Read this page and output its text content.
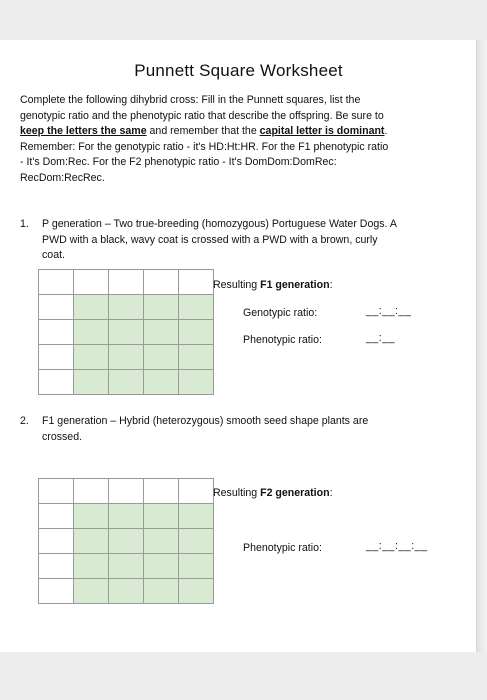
Punnett Square Worksheet
Complete the following dihybrid cross: Fill in the Punnett squares, list the
genotypic ratio and the phenotypic ratio that describe the offspring. Be sure to
keep the letters the same and remember that the capital letter is dominant.
Remember: For the genotypic ratio - it's HD:Ht:HR. For the F1 phenotypic ratio
- It's Dom:Rec. For the F2 phenotypic ratio - It's DomDom:DomRec:
RecDom:RecRec.
1. P generation – Two true-breeding (homozygous) Portuguese Water Dogs. A
PWD with a black, wavy coat is crossed with a PWD with a brown, curly
coat.
Resulting F1 generation:
Genotypic ratio:	__:__:__
Phenotypic ratio:	__:__
2. F1 generation – Hybrid (heterozygous) smooth seed shape plants are
crossed.
Resulting F2 generation:
Phenotypic ratio:	__:__:__:__
